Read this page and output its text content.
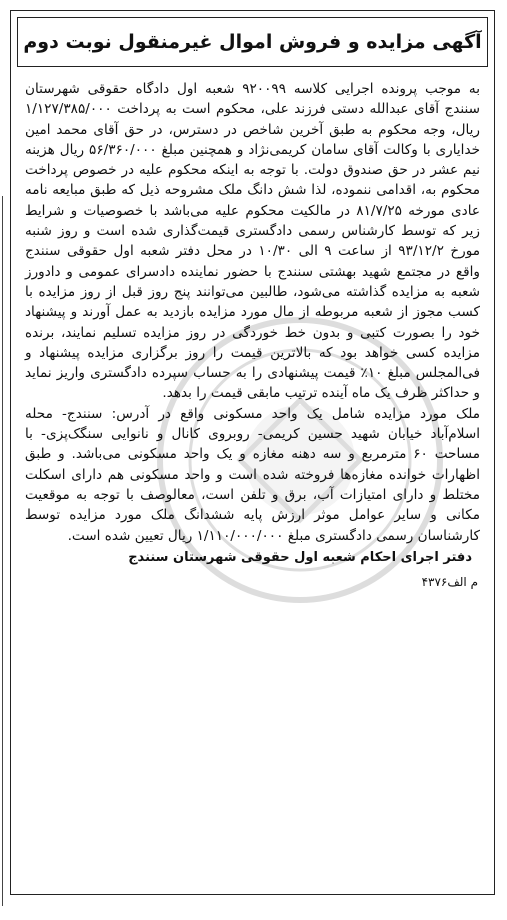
آگهی مزایده و فروش اموال غیرمنقول نوبت دوم

به موجب پرونده اجرایی کلاسه ۹۲۰۰۹۹ شعبه اول دادگاه حقوقی شهرستان سنندج آقای عبدالله دستی فرزند علی، محکوم است به پرداخت ۱/۱۲۷/۳۸۵/۰۰۰ ریال، وجه محکوم به طبق آخرین شاخص در دسترس، در حق آقای محمد امین خدایاری با وکالت آقای سامان کریمی‌نژاد و همچنین مبلغ ۵۶/۳۶۰/۰۰۰ ریال هزینه نیم عشر در حق صندوق دولت. با توجه به اینکه محکوم علیه در خصوص پرداخت محکوم به، اقدامی ننموده، لذا شش دانگ ملک مشروحه ذیل که طبق مبایعه نامه عادی مورخه ۸۱/۷/۲۵ در مالکیت محکوم علیه می‌باشد با خصوصیات و شرایط زیر که توسط کارشناس رسمی دادگستری قیمت‌گذاری شده است و روز شنبه مورخ ۹۳/۱۲/۲ از ساعت ۹ الی ۱۰/۳۰ در محل دفتر شعبه اول حقوقی سنندج واقع در مجتمع شهید بهشتی سنندج با حضور نماینده دادسرای عمومی و دادورز شعبه به مزایده گذاشته می‌شود، طالبین می‌توانند پنج روز قبل از روز مزایده با کسب مجوز از شعبه مربوطه از مال مورد مزایده بازدید به عمل آورند و پیشنهاد خود را بصورت کتبی و بدون خط خوردگی در روز مزایده تسلیم نمایند، برنده مزایده کسی خواهد بود که بالاترین قیمت را روز برگزاری مزایده پیشنهاد و فی‌المجلس مبلغ ۱۰٪ قیمت پیشنهادی را به حساب سپرده دادگستری واریز نماید و حداکثر ظرف یک ماه آینده ترتیب مابقی قیمت را بدهد.

ملک مورد مزایده شامل یک واحد مسکونی واقع در آدرس: سنندج- محله اسلام‌آباد خیابان شهید حسین کریمی- روبروی کانال و نانوایی سنگک‌پزی- با مساحت ۶۰ مترمربع و سه دهنه مغازه و یک واحد مسکونی می‌باشد. و طبق اظهارات خوانده مغازه‌ها فروخته شده است و واحد مسکونی هم دارای اسکلت مختلط و دارای امتیازات آب، برق و تلفن است، معالوصف با توجه به موقعیت مکانی و سایر عوامل موثر ارزش پایه ششدانگ ملک مورد مزایده توسط کارشناسان رسمی دادگستری مبلغ ۱/۱۱۰/۰۰۰/۰۰۰ ریال تعیین شده است.

دفتر اجرای احکام شعبه اول حقوقی شهرستان سنندج
م الف۴۳۷۶
